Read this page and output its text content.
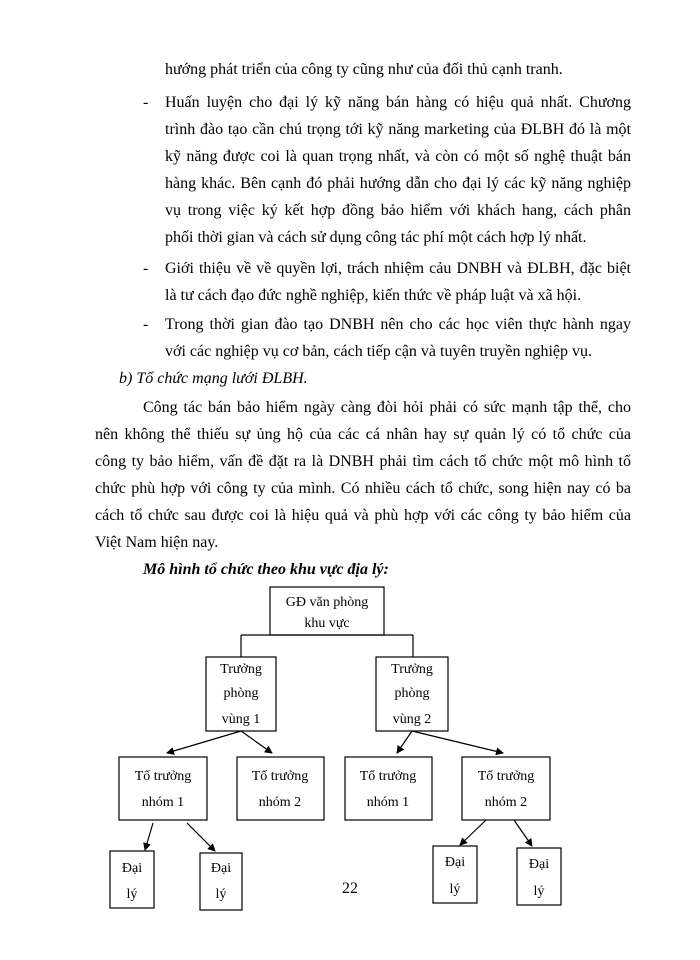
hướng phát triển của công ty cũng như của đối thủ cạnh tranh.
- Huấn luyện cho đại lý kỹ năng bán hàng có hiệu quả nhất. Chương
trình đào tạo cần chú trọng tới kỹ năng marketing của ĐLBH đó là một
kỹ năng được coi là quan trọng nhất, và còn có một số nghệ thuật bán
hàng khác. Bên cạnh đó phải hướng dẫn cho đại lý các kỹ năng nghiệp
vụ trong việc ký kết hợp đồng bảo hiểm với khách hang, cách phân
phối thời gian và cách sử dụng công tác phí một cách hợp lý nhất.
- Giới thiệu về về quyền lợi, trách nhiệm cảu DNBH và ĐLBH, đặc biệt
là tư cách đạo đức nghề nghiệp, kiến thức về pháp luật và xã hội.
- Trong thời gian đào tạo DNBH nên cho các học viên thực hành ngay
với các nghiệp vụ cơ bản, cách tiếp cận và tuyên truyền nghiệp vụ.
b) Tổ chức mạng lưới ĐLBH.
Công tác bán bảo hiểm ngày càng đòi hỏi phải có sức mạnh tập thể, cho
nên không thể thiếu sự ủng hộ của các cá nhân hay sự quản lý có tổ chức của
công ty bảo hiểm, vấn đề đặt ra là DNBH phải tìm cách tổ chức một mô hình tổ
chức phù hợp với công ty của mình. Có nhiều cách tổ chức, song hiện nay có ba
cách tổ chức sau được coi là hiệu quả và phù hợp với các công ty bảo hiểm của
Việt Nam hiện nay.
Mô hình tổ chức theo khu vực địa lý:
GĐ văn phòng
khu vực
Trưởng
phòng
vùng 1
Trưởng
phòng
vùng 2
Tổ trưởng
nhóm 1
Tổ trưởng
nhóm 2
Tổ trưởng
nhóm 1
Tổ trưởng
nhóm 2
Đại
lý
Đại
lý
Đại
lý
Đại
lý
22
